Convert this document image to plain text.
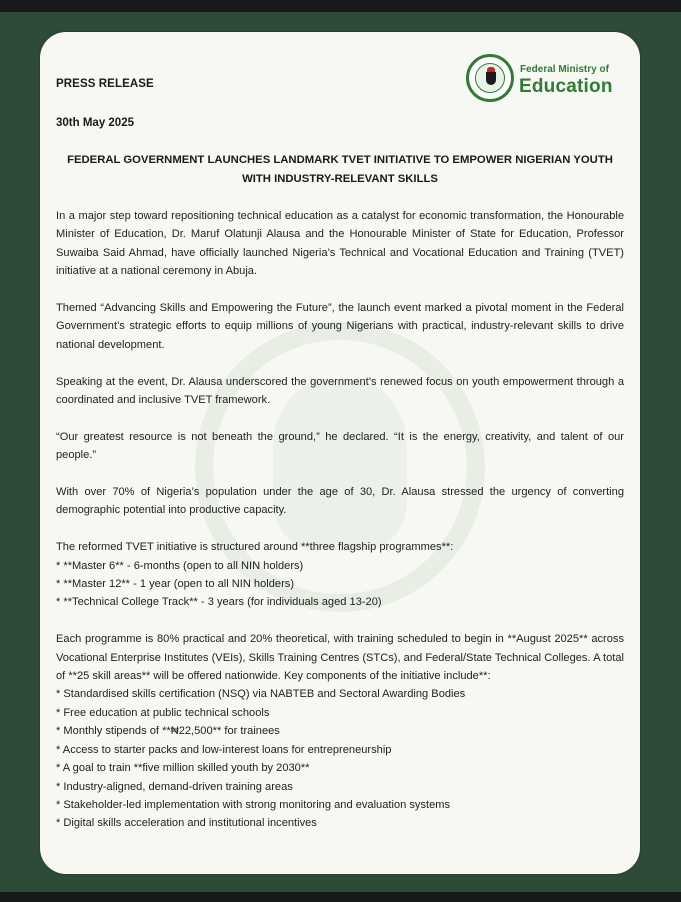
PRESS RELEASE
30th May 2025
Federal Ministry of
Education
FEDERAL GOVERNMENT LAUNCHES LANDMARK TVET INITIATIVE TO EMPOWER NIGERIAN YOUTH WITH INDUSTRY-RELEVANT SKILLS

In a major step toward repositioning technical education as a catalyst for economic transformation, the Honourable Minister of Education, Dr. Maruf Olatunji Alausa and the Honourable Minister of State for Education, Professor Suwaiba Said Ahmad, have officially launched Nigeria’s Technical and Vocational Education and Training (TVET) initiative at a national ceremony in Abuja.

Themed “Advancing Skills and Empowering the Future”, the launch event marked a pivotal moment in the Federal Government’s strategic efforts to equip millions of young Nigerians with practical, industry-relevant skills to drive national development.

Speaking at the event, Dr. Alausa underscored the government’s renewed focus on youth empowerment through a coordinated and inclusive TVET framework.

“Our greatest resource is not beneath the ground,” he declared. “It is the energy, creativity, and talent of our people.”

With over 70% of Nigeria’s population under the age of 30, Dr. Alausa stressed the urgency of converting demographic potential into productive capacity.

The reformed TVET initiative is structured around **three flagship programmes**:

* **Master 6** - 6-months (open to all NIN holders)
* **Master 12** - 1 year (open to all NIN holders)
* **Technical College Track** - 3 years (for individuals aged 13-20)

Each programme is 80% practical and 20% theoretical, with training scheduled to begin in **August 2025** across Vocational Enterprise Institutes (VEIs), Skills Training Centres (STCs), and Federal/State Technical Colleges. A total of **25 skill areas** will be offered nationwide. Key components of the initiative include**:

* Standardised skills certification (NSQ) via NABTEB and Sectoral Awarding Bodies
* Free education at public technical schools
* Monthly stipends of **₦22,500** for trainees
* Access to starter packs and low-interest loans for entrepreneurship
* A goal to train **five million skilled youth by 2030**
* Industry-aligned, demand-driven training areas
* Stakeholder-led implementation with strong monitoring and evaluation systems
* Digital skills acceleration and institutional incentives
